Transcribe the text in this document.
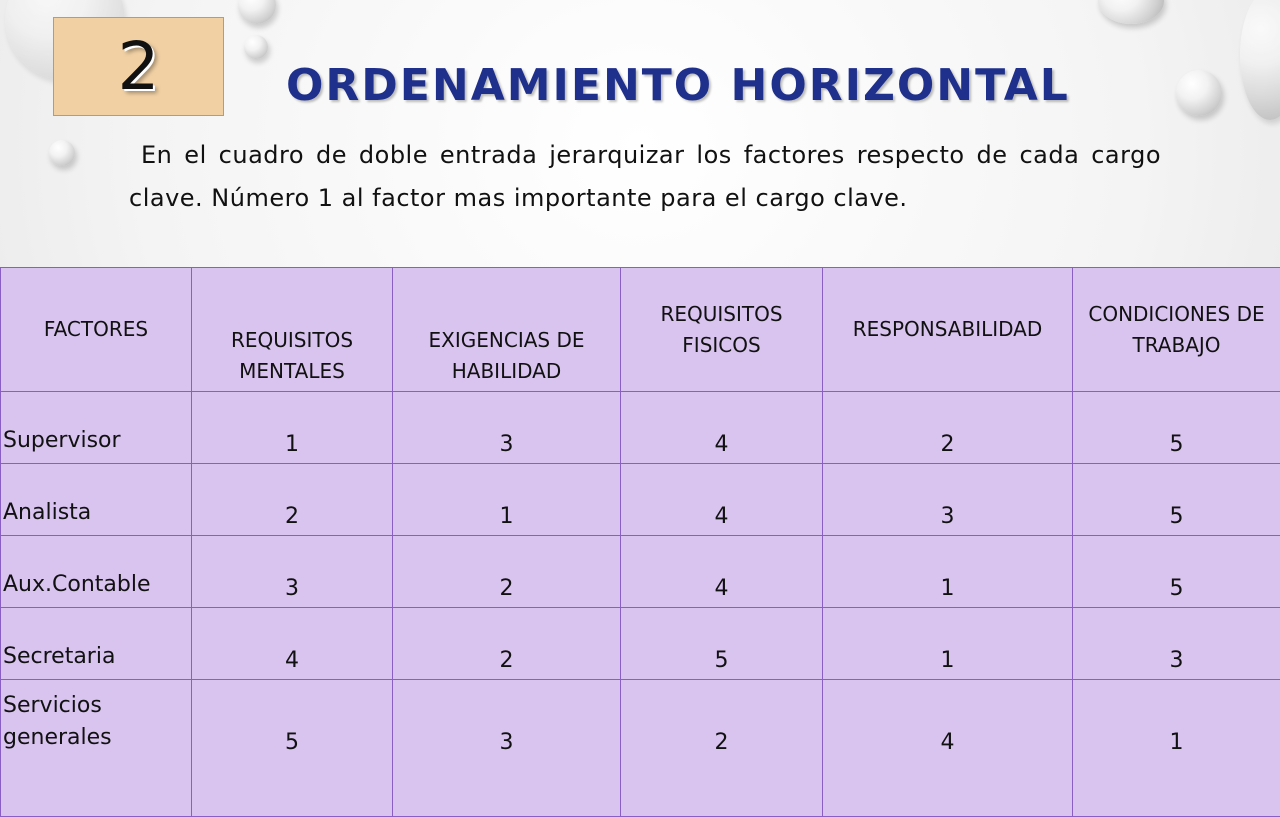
2	ORDENAMIENTO HORIZONTAL
En el cuadro de doble entrada jerarquizar los factores respecto de cada cargo clave. Número 1 al factor mas importante para el cargo clave.
FACTORES	REQUISITOS MENTALES	EXIGENCIAS DE HABILIDAD	REQUISITOS FISICOS	RESPONSABILIDAD	CONDICIONES DE TRABAJO
Supervisor	1	3	4	2	5
Analista	2	1	4	3	5
Aux.Contable	3	2	4	1	5
Secretaria	4	2	5	1	3
Servicios generales	5	3	2	4	1
